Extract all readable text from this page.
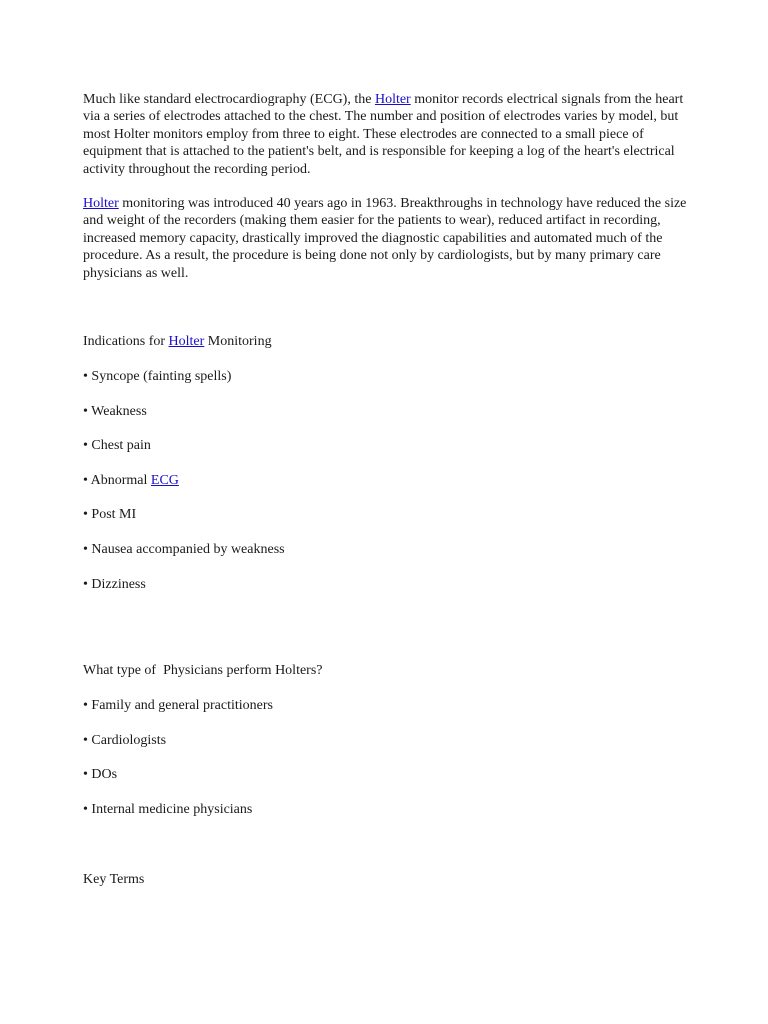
Much like standard electrocardiography (ECG), the Holter monitor records electrical signals from the heart via a series of electrodes attached to the chest. The number and position of electrodes varies by model, but most Holter monitors employ from three to eight. These electrodes are connected to a small piece of equipment that is attached to the patient's belt, and is responsible for keeping a log of the heart's electrical activity throughout the recording period.

Holter monitoring was introduced 40 years ago in 1963. Breakthroughs in technology have reduced the size and weight of the recorders (making them easier for the patients to wear), reduced artifact in recording, increased memory capacity, drastically improved the diagnostic capabilities and automated much of the procedure. As a result, the procedure is being done not only by cardiologists, but by many primary care physicians as well.

Indications for Holter Monitoring

• Syncope (fainting spells)
• Weakness
• Chest pain
• Abnormal ECG
• Post MI
• Nausea accompanied by weakness
• Dizziness

What type of  Physicians perform Holters?

• Family and general practitioners
• Cardiologists
• DOs
• Internal medicine physicians

Key Terms
